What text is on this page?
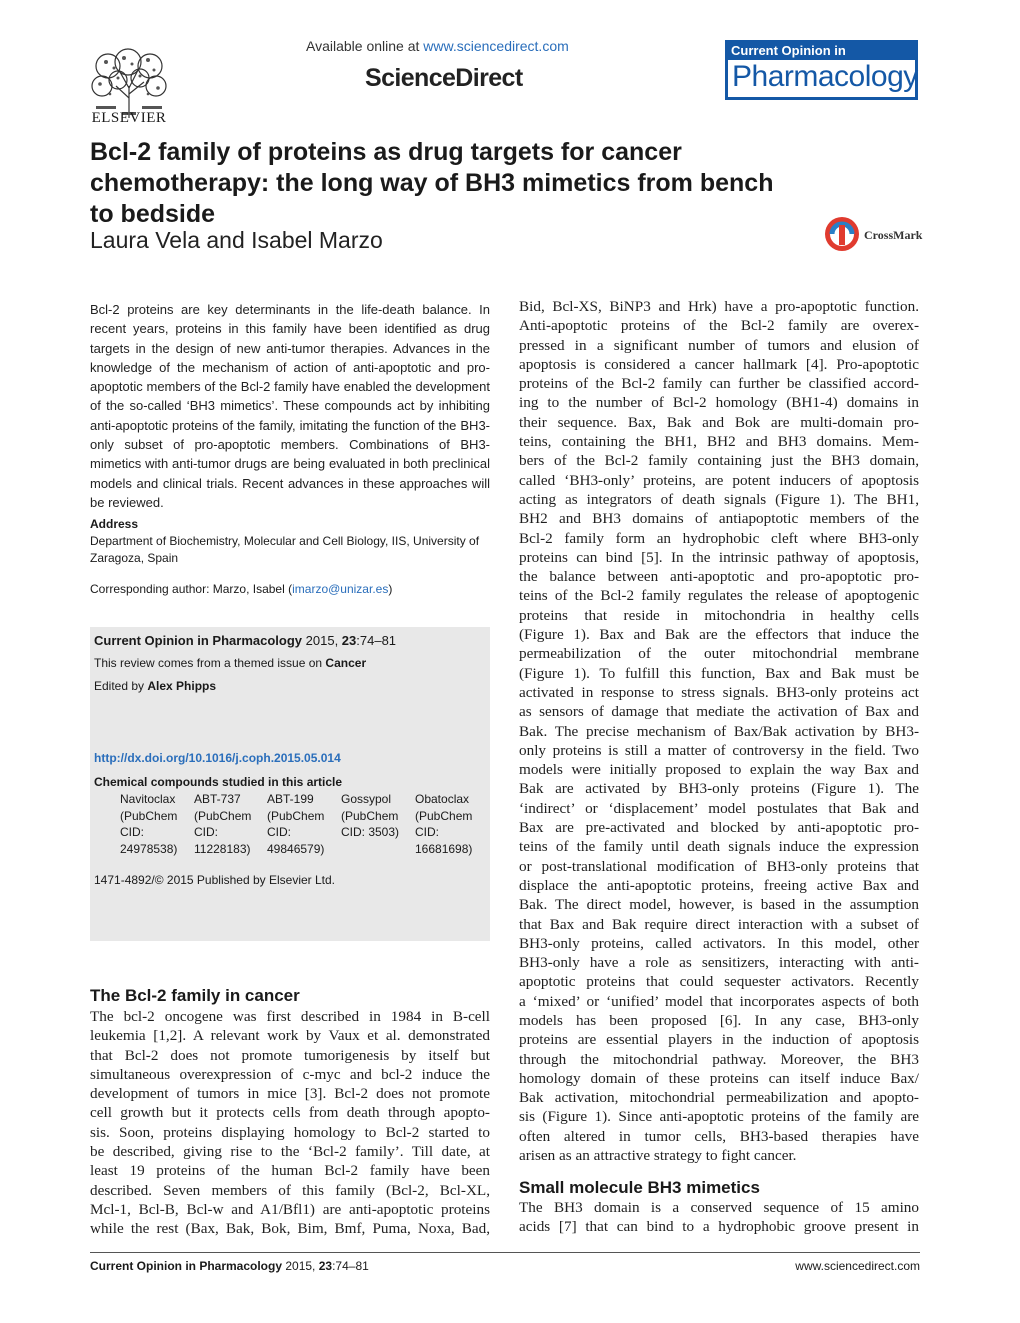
ELSEVIER
Available online at www.sciencedirect.com
ScienceDirect
Current Opinion in
Pharmacology
Bcl-2 family of proteins as drug targets for cancer chemotherapy: the long way of BH3 mimetics from bench to bedside
Laura Vela and Isabel Marzo	CrossMark
Bcl-2 proteins are key determinants in the life-death balance. In recent years, proteins in this family have been identified as drug targets in the design of new anti-tumor therapies. Advances in the knowledge of the mechanism of action of anti-apoptotic and pro-apoptotic members of the Bcl-2 family have enabled the development of the so-called ‘BH3 mimetics’. These compounds act by inhibiting anti-apoptotic proteins of the family, imitating the function of the BH3-only subset of pro-apoptotic members. Combinations of BH3-mimetics with anti-tumor drugs are being evaluated in both preclinical models and clinical trials. Recent advances in these approaches will be reviewed.
Address
Department of Biochemistry, Molecular and Cell Biology, IIS, University of Zaragoza, Spain
Corresponding author: Marzo, Isabel (imarzo@unizar.es)
Current Opinion in Pharmacology 2015, 23:74–81
This review comes from a themed issue on Cancer
Edited by Alex Phipps
http://dx.doi.org/10.1016/j.coph.2015.05.014
Chemical compounds studied in this article
Navitoclax
(PubChem
CID:
24978538)
ABT-737
(PubChem
CID:
11228183)
ABT-199
(PubChem
CID:
49846579)
Gossypol
(PubChem
CID: 3503)
Obatoclax
(PubChem
CID:
16681698)
1471-4892/© 2015 Published by Elsevier Ltd.
The Bcl-2 family in cancer
The bcl-2 oncogene was first described in 1984 in B-cell
leukemia [1,2]. A relevant work by Vaux et al. demonstrated
that Bcl-2 does not promote tumorigenesis by itself but
simultaneous overexpression of c-myc and bcl-2 induce the
development of tumors in mice [3]. Bcl-2 does not promote
cell growth but it protects cells from death through apopto-
sis. Soon, proteins displaying homology to Bcl-2 started to
be described, giving rise to the ‘Bcl-2 family’. Till date, at
least 19 proteins of the human Bcl-2 family have been
described. Seven members of this family (Bcl-2, Bcl-XL,
Mcl-1, Bcl-B, Bcl-w and A1/Bfl1) are anti-apoptotic proteins
while the rest (Bax, Bak, Bok, Bim, Bmf, Puma, Noxa, Bad,
Bid, Bcl-XS, BiNP3 and Hrk) have a pro-apoptotic function.
Anti-apoptotic proteins of the Bcl-2 family are overex-
pressed in a significant number of tumors and elusion of
apoptosis is considered a cancer hallmark [4]. Pro-apoptotic
proteins of the Bcl-2 family can further be classified accord-
ing to the number of Bcl-2 homology (BH1-4) domains in
their sequence. Bax, Bak and Bok are multi-domain pro-
teins, containing the BH1, BH2 and BH3 domains. Mem-
bers of the Bcl-2 family containing just the BH3 domain,
called ‘BH3-only’ proteins, are potent inducers of apoptosis
acting as integrators of death signals (Figure 1). The BH1,
BH2 and BH3 domains of antiapoptotic members of the
Bcl-2 family form an hydrophobic cleft where BH3-only
proteins can bind [5]. In the intrinsic pathway of apoptosis,
the balance between anti-apoptotic and pro-apoptotic pro-
teins of the Bcl-2 family regulates the release of apoptogenic
proteins that reside in mitochondria in healthy cells
(Figure 1). Bax and Bak are the effectors that induce the
permeabilization of the outer mitochondrial membrane
(Figure 1). To fulfill this function, Bax and Bak must be
activated in response to stress signals. BH3-only proteins act
as sensors of damage that mediate the activation of Bax and
Bak. The precise mechanism of Bax/Bak activation by BH3-
only proteins is still a matter of controversy in the field. Two
models were initially proposed to explain the way Bax and
Bak are activated by BH3-only proteins (Figure 1). The
‘indirect’ or ‘displacement’ model postulates that Bak and
Bax are pre-activated and blocked by anti-apoptotic pro-
teins of the family until death signals induce the expression
or post-translational modification of BH3-only proteins that
displace the anti-apoptotic proteins, freeing active Bax and
Bak. The direct model, however, is based in the assumption
that Bax and Bak require direct interaction with a subset of
BH3-only proteins, called activators. In this model, other
BH3-only have a role as sensitizers, interacting with anti-
apoptotic proteins that could sequester activators. Recently
a ‘mixed’ or ‘unified’ model that incorporates aspects of both
models has been proposed [6]. In any case, BH3-only
proteins are essential players in the induction of apoptosis
through the mitochondrial pathway. Moreover, the BH3
homology domain of these proteins can itself induce Bax/
Bak activation, mitochondrial permeabilization and apopto-
sis (Figure 1). Since anti-apoptotic proteins of the family are
often altered in tumor cells, BH3-based therapies have
arisen as an attractive strategy to fight cancer.
Small molecule BH3 mimetics
The BH3 domain is a conserved sequence of 15 amino
acids [7] that can bind to a hydrophobic groove present in
Current Opinion in Pharmacology 2015, 23:74–81	www.sciencedirect.com
